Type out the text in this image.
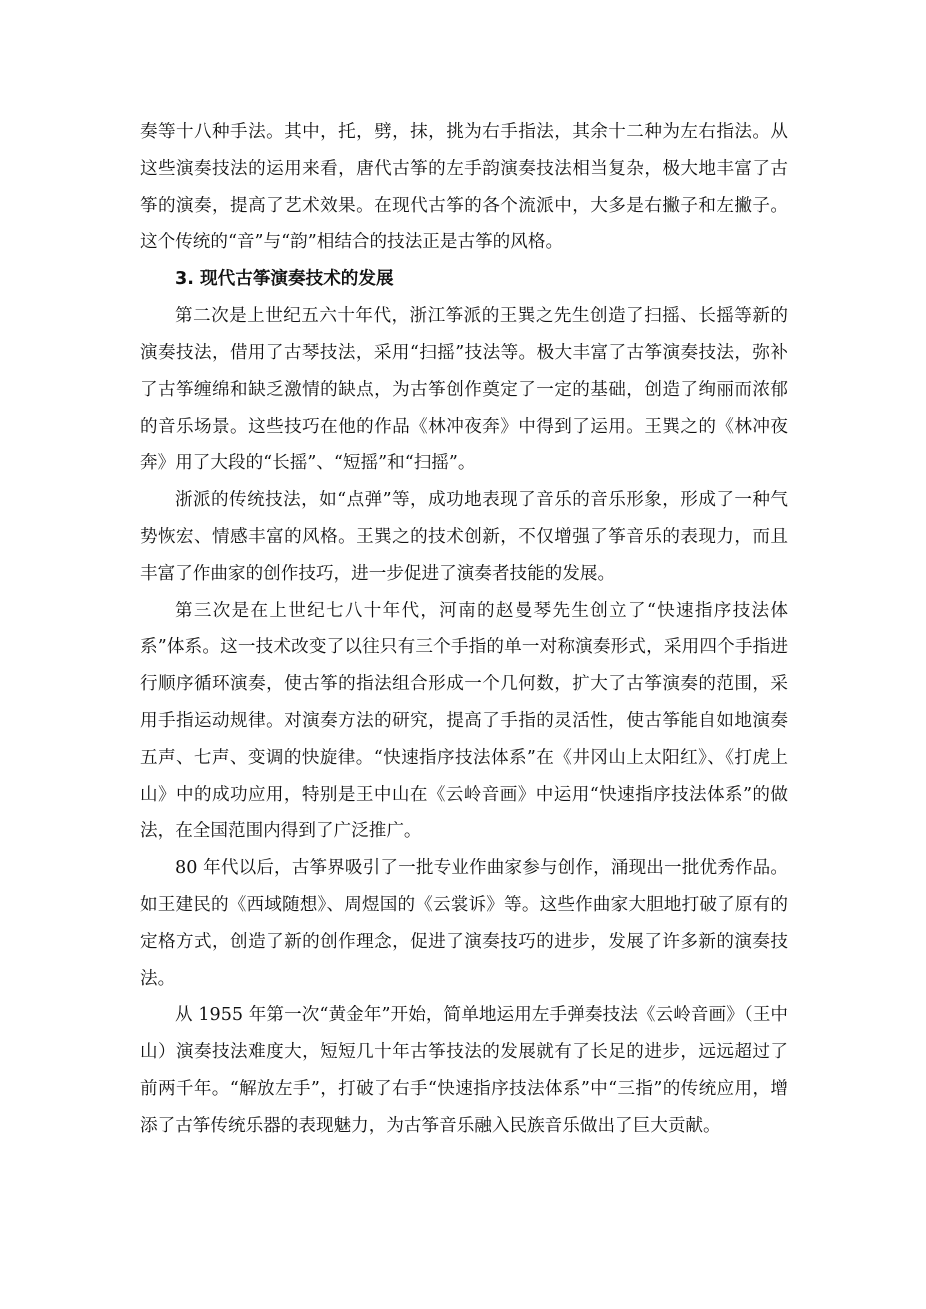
奏等十八种手法。其中，托，劈，抹，挑为右手指法，其余十二种为左右指法。从这些演奏技法的运用来看，唐代古筝的左手韵演奏技法相当复杂，极大地丰富了古筝的演奏，提高了艺术效果。在现代古筝的各个流派中，大多是右撇子和左撇子。这个传统的“音”与“韵”相结合的技法正是古筝的风格。

3. 现代古筝演奏技术的发展

第二次是上世纪五六十年代，浙江筝派的王巽之先生创造了扫摇、长摇等新的演奏技法，借用了古琴技法，采用“扫摇”技法等。极大丰富了古筝演奏技法，弥补了古筝缠绵和缺乏激情的缺点，为古筝创作奠定了一定的基础，创造了绚丽而浓郁的音乐场景。这些技巧在他的作品《林冲夜奔》中得到了运用。王巽之的《林冲夜奔》用了大段的“长摇”、“短摇”和“扫摇”。

浙派的传统技法，如“点弹”等，成功地表现了音乐的音乐形象，形成了一种气势恢宏、情感丰富的风格。王巽之的技术创新，不仅增强了筝音乐的表现力，而且丰富了作曲家的创作技巧，进一步促进了演奏者技能的发展。

第三次是在上世纪七八十年代，河南的赵曼琴先生创立了“快速指序技法体系”体系。这一技术改变了以往只有三个手指的单一对称演奏形式，采用四个手指进行顺序循环演奏，使古筝的指法组合形成一个几何数，扩大了古筝演奏的范围，采用手指运动规律。对演奏方法的研究，提高了手指的灵活性，使古筝能自如地演奏五声、七声、变调的快旋律。“快速指序技法体系”在《井冈山上太阳红》、《打虎上山》中的成功应用，特别是王中山在《云岭音画》中运用“快速指序技法体系”的做法，在全国范围内得到了广泛推广。

80 年代以后，古筝界吸引了一批专业作曲家参与创作，涌现出一批优秀作品。如王建民的《西域随想》、周煜国的《云裳诉》等。这些作曲家大胆地打破了原有的定格方式，创造了新的创作理念，促进了演奏技巧的进步，发展了许多新的演奏技法。

从 1955 年第一次“黄金年”开始，简单地运用左手弹奏技法《云岭音画》（王中山）演奏技法难度大，短短几十年古筝技法的发展就有了长足的进步，远远超过了前两千年。“解放左手”，打破了右手“快速指序技法体系”中“三指”的传统应用，增添了古筝传统乐器的表现魅力，为古筝音乐融入民族音乐做出了巨大贡献。
